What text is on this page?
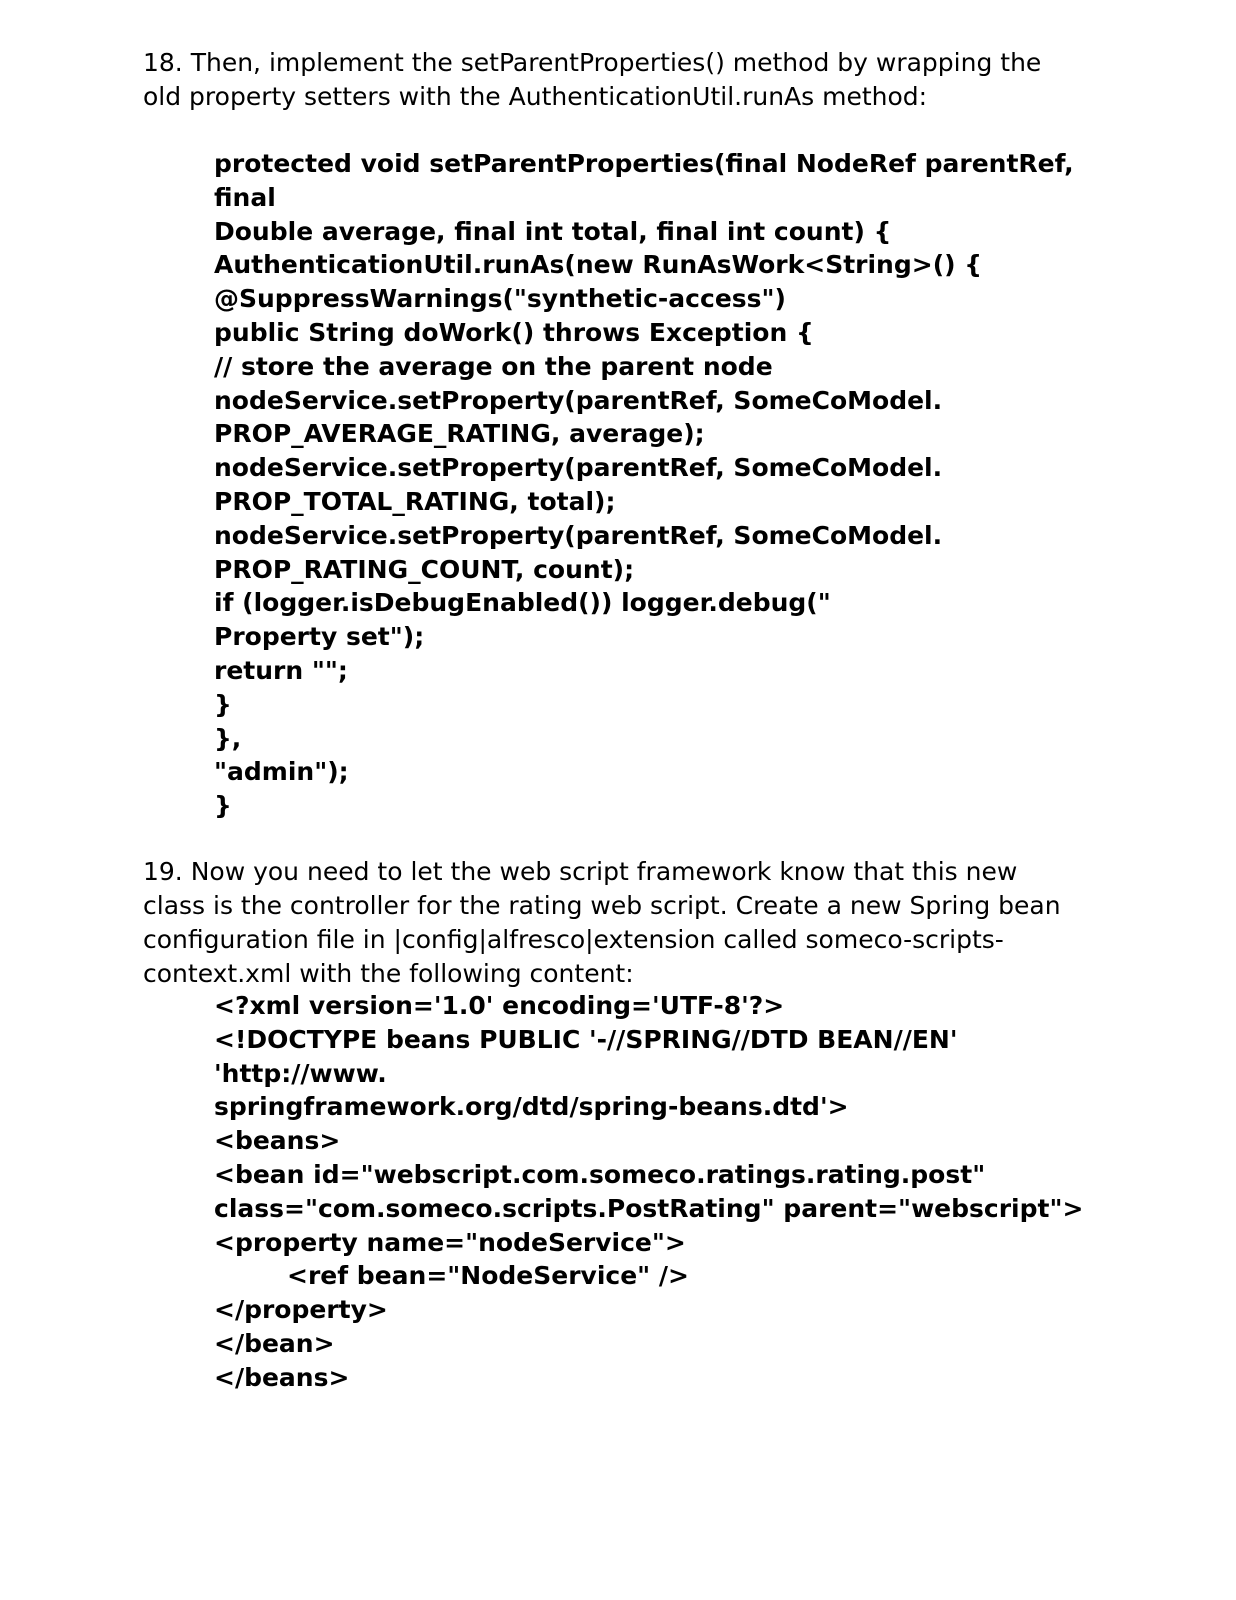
18. Then, implement the setParentProperties() method by wrapping the
old property setters with the AuthenticationUtil.runAs method:
protected void setParentProperties(final NodeRef parentRef,
final
Double average, final int total, final int count) {
AuthenticationUtil.runAs(new RunAsWork<String>() {
@SuppressWarnings("synthetic-access")
public String doWork() throws Exception {
// store the average on the parent node
nodeService.setProperty(parentRef, SomeCoModel.
PROP_AVERAGE_RATING, average);
nodeService.setProperty(parentRef, SomeCoModel.
PROP_TOTAL_RATING, total);
nodeService.setProperty(parentRef, SomeCoModel.
PROP_RATING_COUNT, count);
if (logger.isDebugEnabled()) logger.debug("
Property set");
return "";
}
},
"admin");
}
19. Now you need to let the web script framework know that this new
class is the controller for the rating web script. Create a new Spring bean
configuration file in |config|alfresco|extension called someco-scripts-
context.xml with the following content:
<?xml version='1.0' encoding='UTF-8'?>
<!DOCTYPE beans PUBLIC '-//SPRING//DTD BEAN//EN'
'http://www.
springframework.org/dtd/spring-beans.dtd'>
<beans>
<bean id="webscript.com.someco.ratings.rating.post"
class="com.someco.scripts.PostRating" parent="webscript">
<property name="nodeService">
<ref bean="NodeService" />
</property>
</bean>
</beans>
